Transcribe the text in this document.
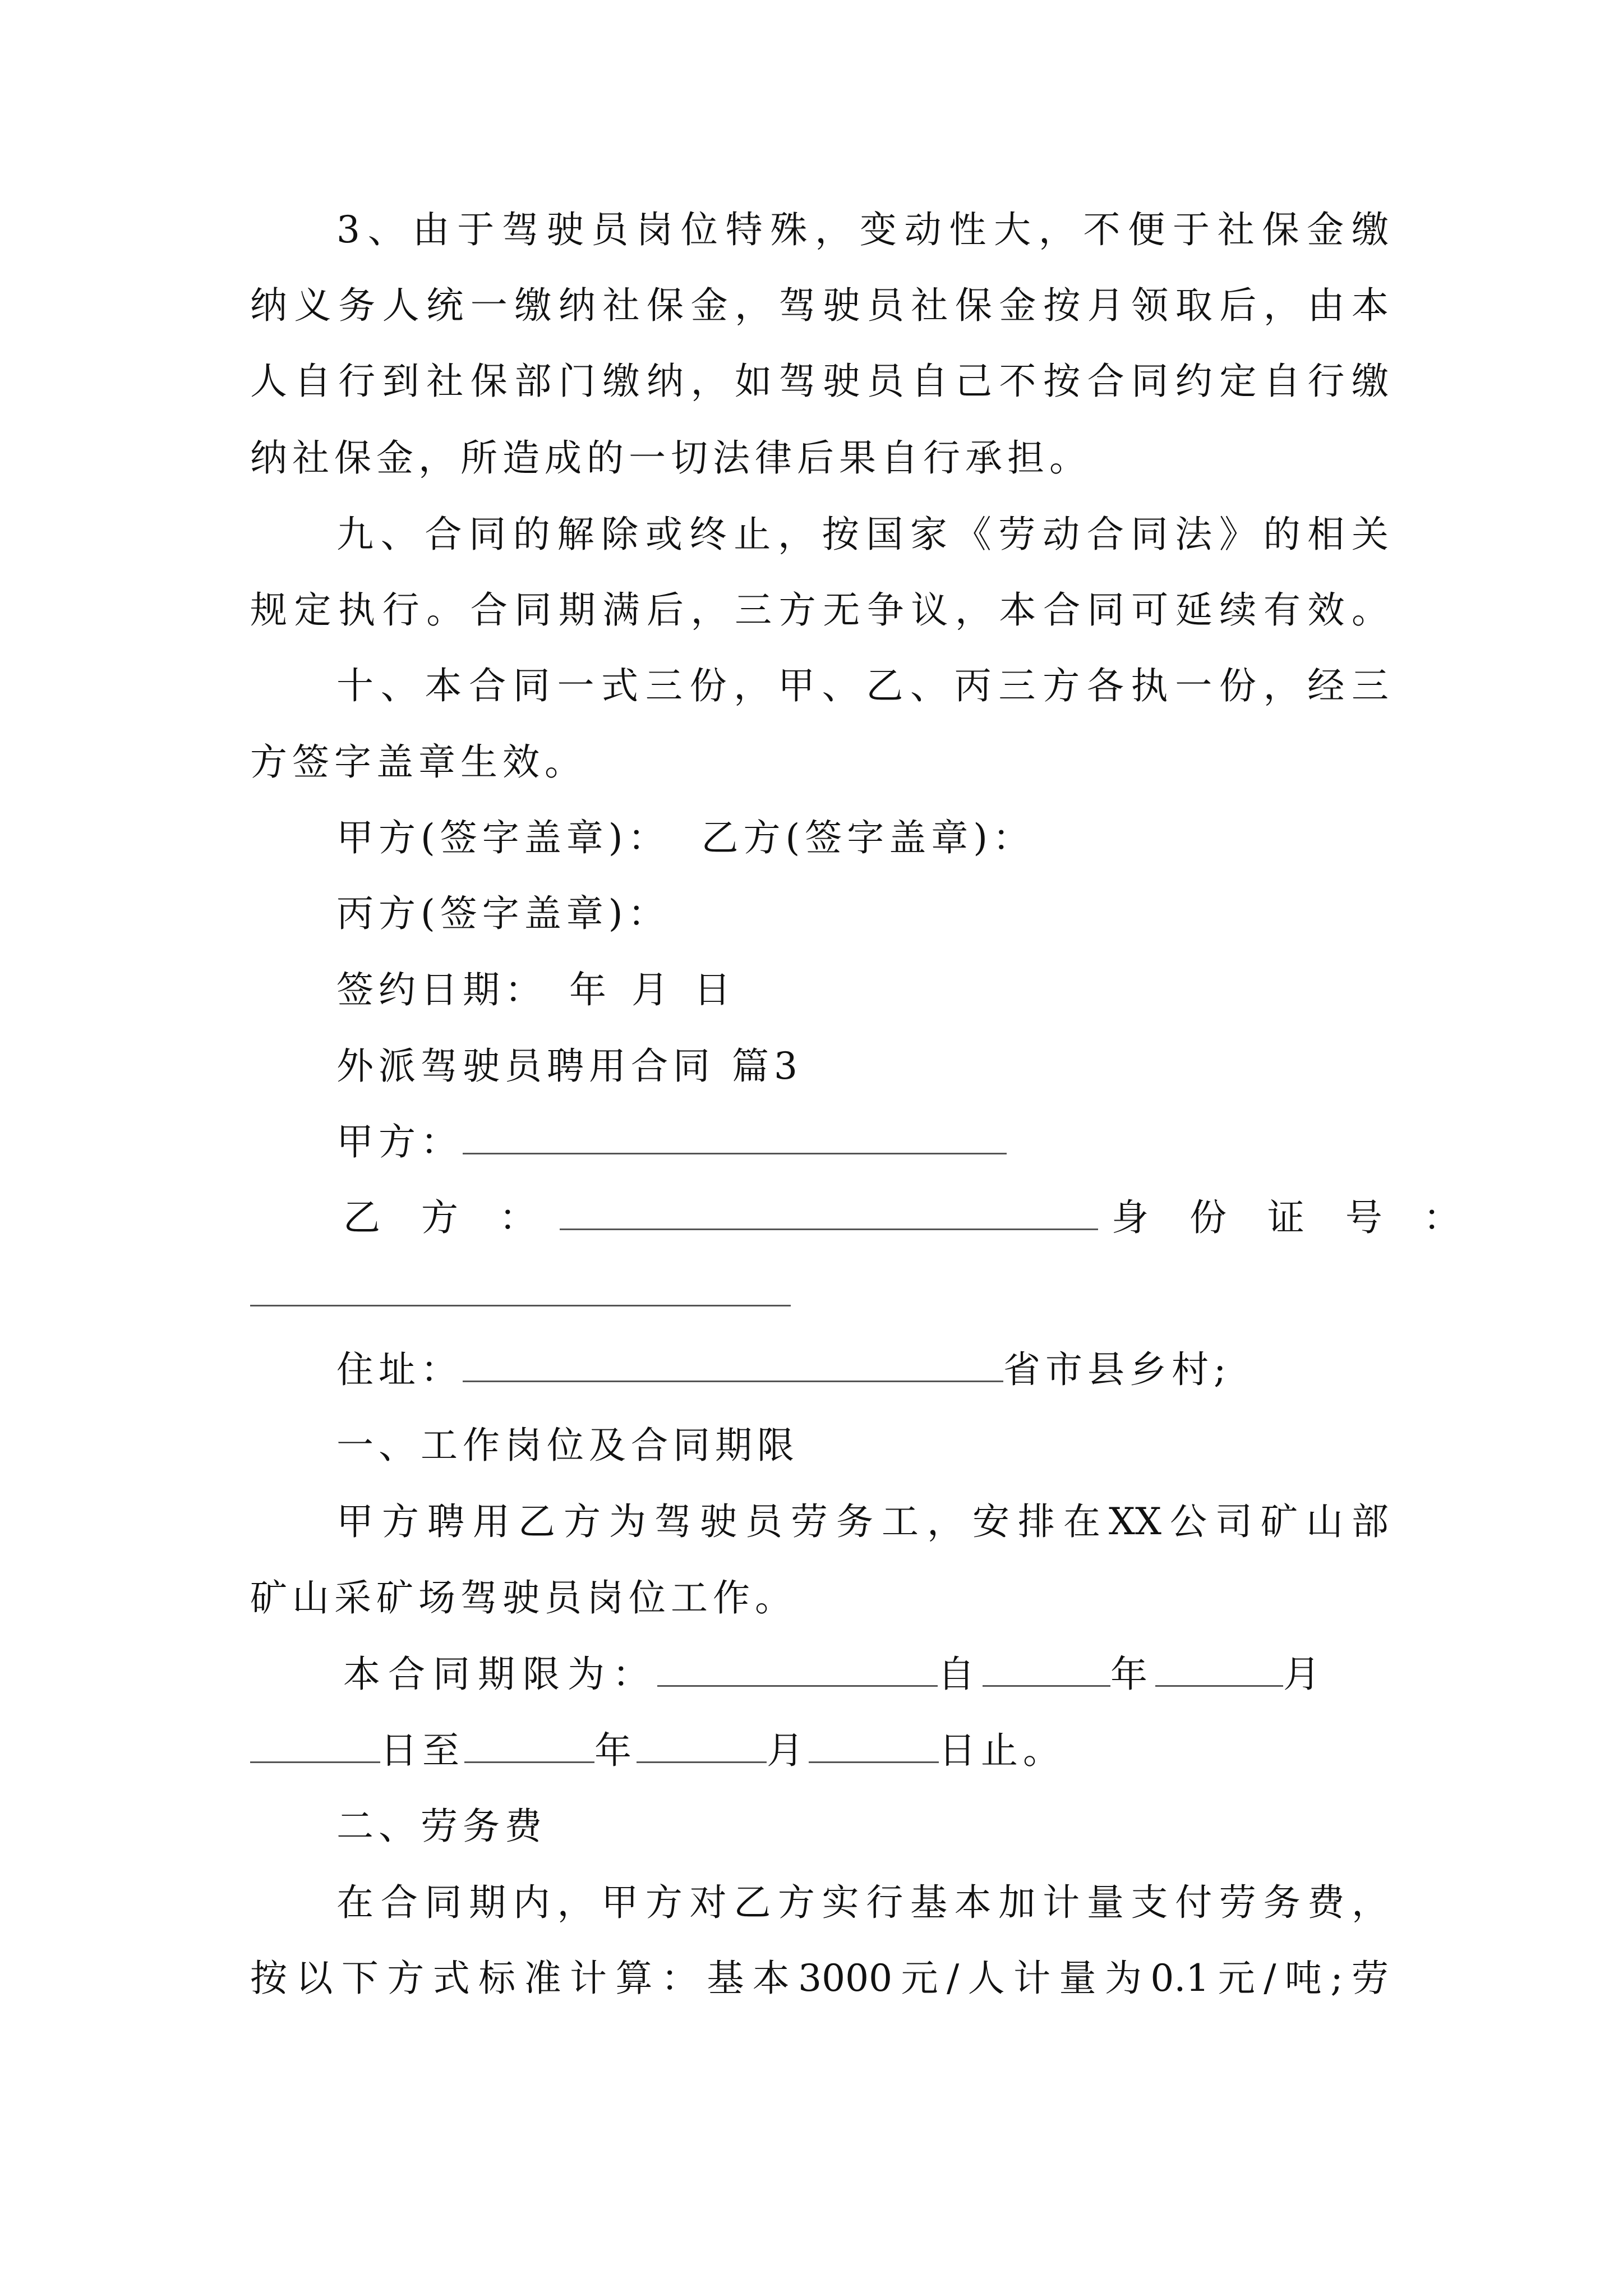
3、由于驾驶员岗位特殊，变动性大，不便于社保金缴
纳义务人统一缴纳社保金，驾驶员社保金按月领取后，由本
人自行到社保部门缴纳，如驾驶员自己不按合同约定自行缴
纳社保金，所造成的一切法律后果自行承担。
九、合同的解除或终止，按国家《劳动合同法》的相关
规定执行。合同期满后，三方无争议，本合同可延续有效。
十、本合同一式三份，甲、乙、丙三方各执一份，经三
方签字盖章生效。
甲方(签字盖章)： 乙方(签字盖章)：
丙方(签字盖章)：
签约日期： 年 月 日
外派驾驶员聘用合同 篇3
甲方：
乙 方 ：	身 份 证 号 ：
住址：	省市县乡村;
一、工作岗位及合同期限
甲方聘用乙方为驾驶员劳务工，安排在XX公司矿山部
矿山采矿场驾驶员岗位工作。
本合同期限为：	自	年	月
日至	年	月	日止。
二、劳务费
在合同期内，甲方对乙方实行基本加计量支付劳务费，
按以下方式标准计算：基本3000元/人计量为0.1元/吨;劳
